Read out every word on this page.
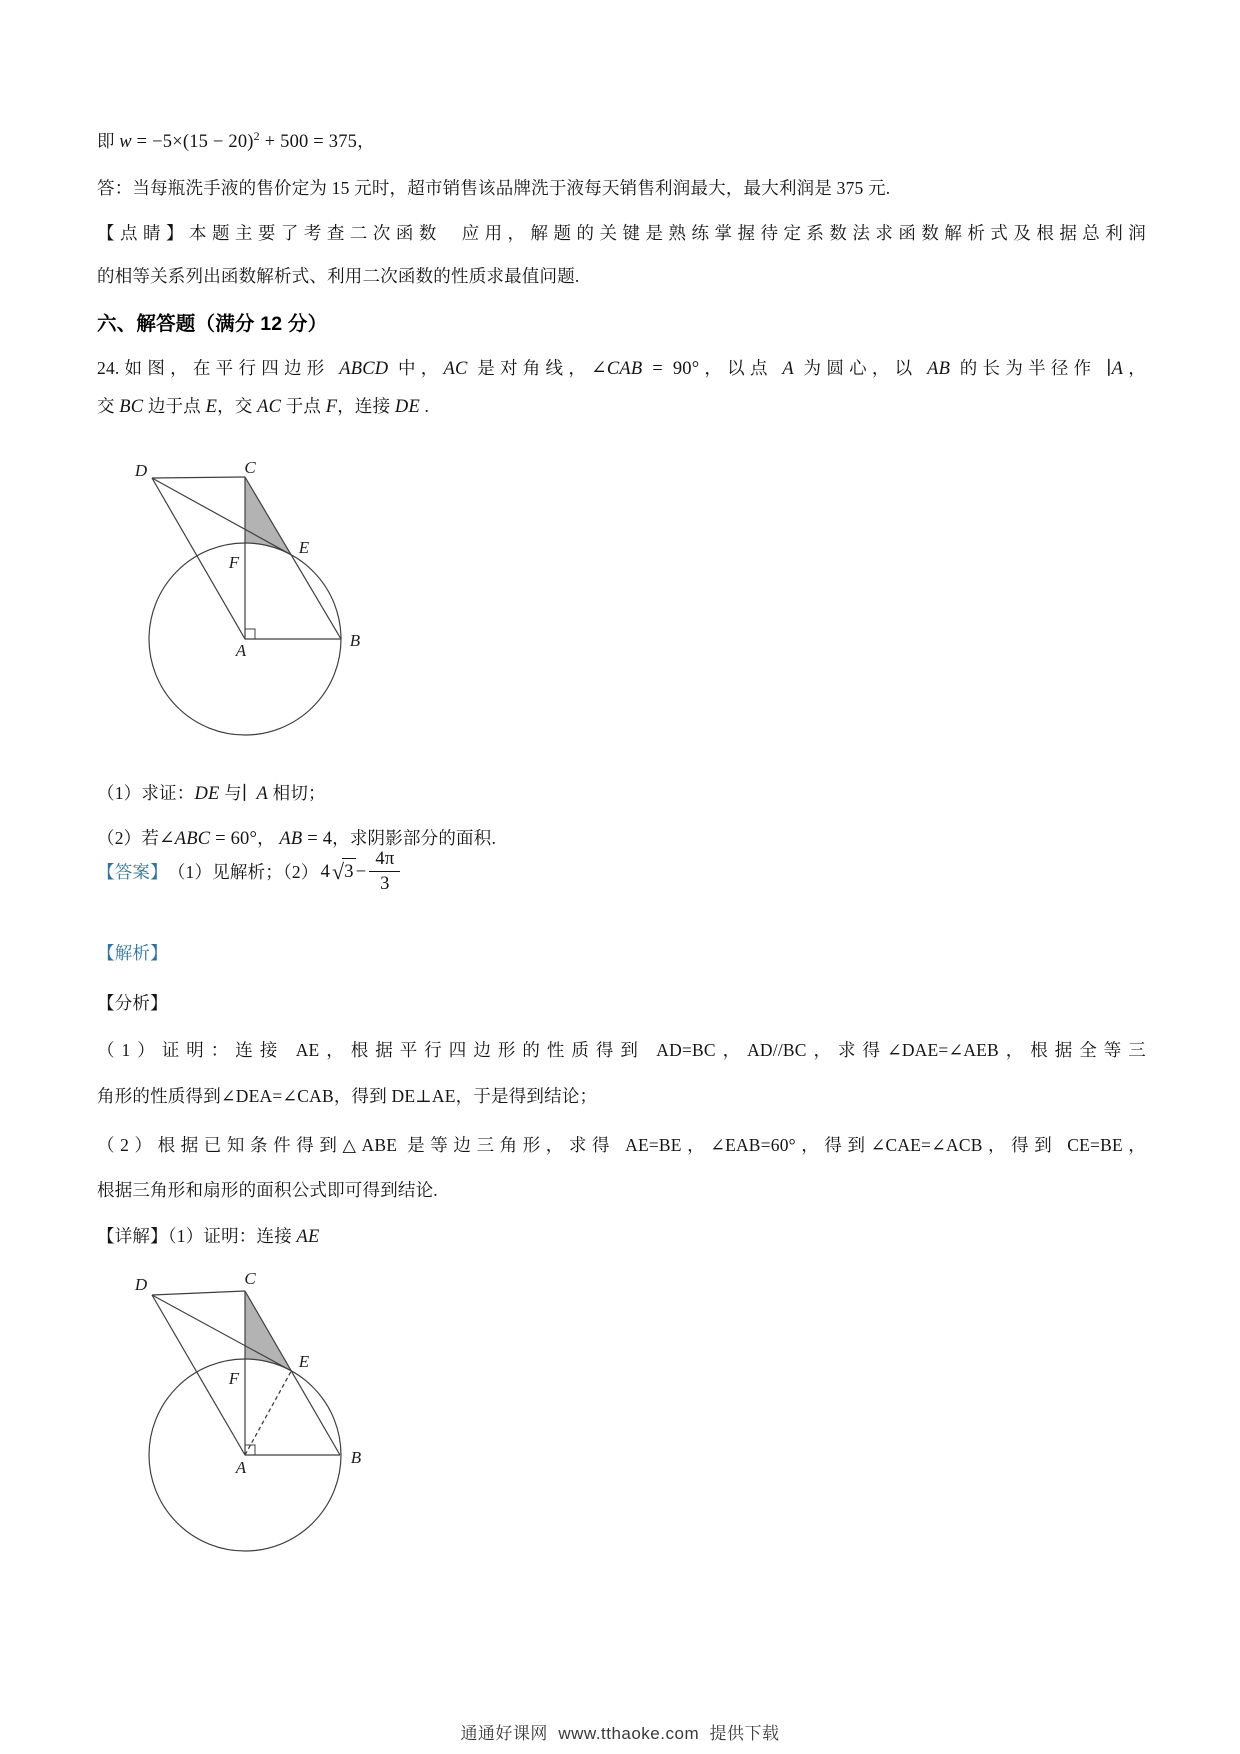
即 $w = -5\times(15 - 20)^2 + 500 = 375$，

答：当每瓶洗手液的售价定为 15 元时，超市销售该品牌洗于液每天销售利润最大，最大利润是 375 元.

【点睛】本题主要了考查二次函数  应用，解题的关键是熟练掌握待定系数法求函数解析式及根据总利润

的相等关系列出函数解析式、利用二次函数的性质求最值问题.

六、解答题（满分 12 分）

24.如图，在平行四边形 ABCD 中，AC 是对角线，∠CAB = 90°，以点 A 为圆心，以 AB 的长为半径作 ∣A，

交 BC 边于点 E，交 AC 于点 F，连接 DE .

D	C
E
F
A
B

（1）求证：DE 与∣ A 相切；

（2）若∠ABC = 60°， AB = 4，求阴影部分的面积.

【答案】 （1）见解析；（2） 4 √ $3 - \frac{4\pi}{3}$

【解析】

【分析】

（1）证明：连接 AE，根据平行四边形的性质得到 AD=BC，AD//BC，求得∠DAE=∠AEB，根据全等三

角形的性质得到∠DEA=∠CAB，得到 DE⊥AE，于是得到结论；

（2）根据已知条件得到△ABE 是等边三角形，求得 AE=BE，∠EAB=60°，得到∠CAE=∠ACB，得到 CE=BE，

根据三角形和扇形的面积公式即可得到结论.

【详解】（1）证明：连接 AE

D	C
E
F
A
B
通通好课网  www.tthaoke.com  提供下载
